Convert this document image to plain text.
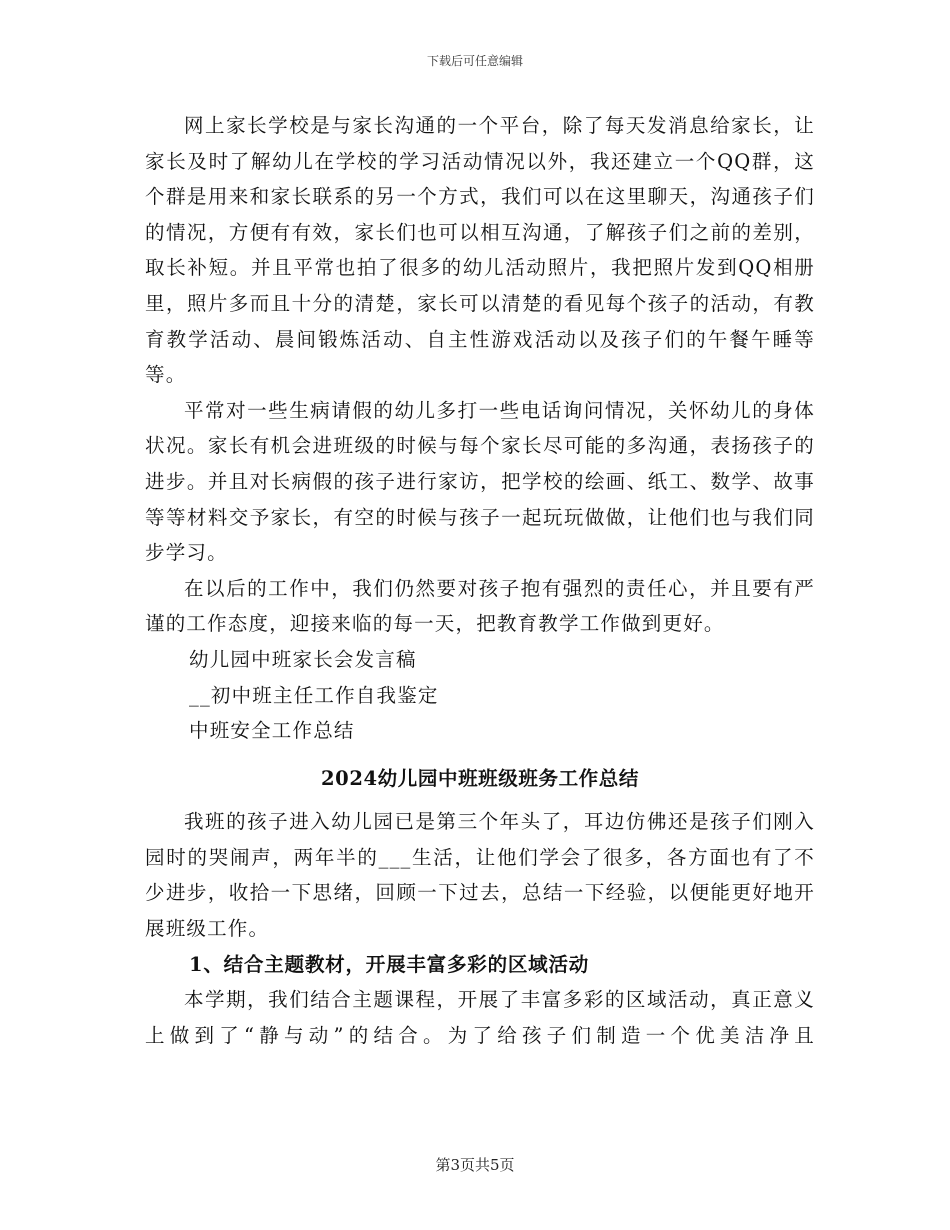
下载后可任意编辑

网上家长学校是与家长沟通的一个平台，除了每天发消息给家长，让家长及时了解幼儿在学校的学习活动情况以外，我还建立一个QQ群，这个群是用来和家长联系的另一个方式，我们可以在这里聊天，沟通孩子们的情况，方便有有效，家长们也可以相互沟通，了解孩子们之前的差别，取长补短。并且平常也拍了很多的幼儿活动照片，我把照片发到QQ相册里，照片多而且十分的清楚，家长可以清楚的看见每个孩子的活动，有教育教学活动、晨间锻炼活动、自主性游戏活动以及孩子们的午餐午睡等等。

平常对一些生病请假的幼儿多打一些电话询问情况，关怀幼儿的身体状况。家长有机会进班级的时候与每个家长尽可能的多沟通，表扬孩子的进步。并且对长病假的孩子进行家访，把学校的绘画、纸工、数学、故事等等材料交予家长，有空的时候与孩子一起玩玩做做，让他们也与我们同步学习。

在以后的工作中，我们仍然要对孩子抱有强烈的责任心，并且要有严谨的工作态度，迎接来临的每一天，把教育教学工作做到更好。

幼儿园中班家长会发言稿

__初中班主任工作自我鉴定

中班安全工作总结

2024幼儿园中班班级班务工作总结

我班的孩子进入幼儿园已是第三个年头了，耳边仿佛还是孩子们刚入园时的哭闹声，两年半的___生活，让他们学会了很多，各方面也有了不少进步，收拾一下思绪，回顾一下过去，总结一下经验，以便能更好地开展班级工作。

1、结合主题教材，开展丰富多彩的区域活动

本学期，我们结合主题课程，开展了丰富多彩的区域活动，真正意义上做到了“静与动”的结合。为了给孩子们制造一个优美洁净且

第3页共5页
